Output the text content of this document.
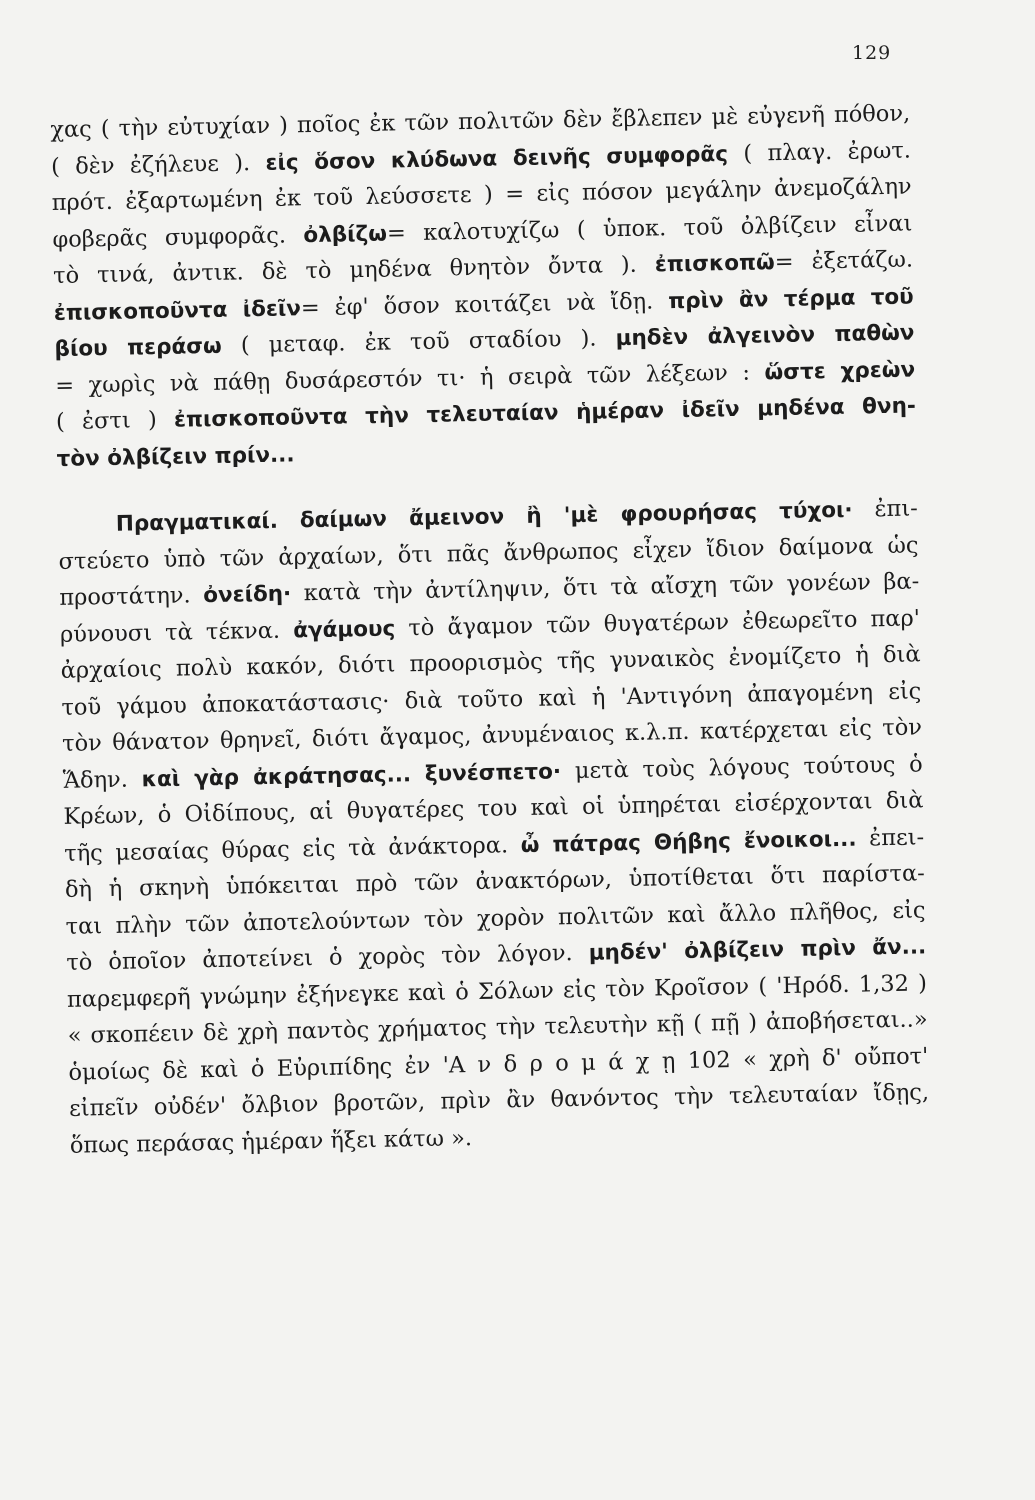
129
χας ( τὴν εὐτυχίαν ) ποῖος ἐκ τῶν πολιτῶν δὲν ἔβλεπεν μὲ εὐγενῆ πόθον,
( δὲν ἐζήλευε ). εἰς ὅσον κλύδωνα δεινῆς συμφορᾶς ( πλαγ. ἐρωτ.
πρότ. ἐξαρτωμένη ἐκ τοῦ λεύσσετε ) = εἰς πόσον μεγάλην ἀνεμοζάλην
φοβερᾶς συμφορᾶς. ὀλβίζω= καλοτυχίζω ( ὑποκ. τοῦ ὀλβίζειν εἶναι
τὸ τινά, ἀντικ. δὲ τὸ μηδένα θνητὸν ὄντα ). ἐπισκοπῶ= ἐξετάζω.
ἐπισκοποῦντα ἰδεῖν= ἐφ' ὅσον κοιτάζει νὰ ἴδῃ. πρὶν ἂν τέρμα τοῦ
βίου περάσω ( μεταφ. ἐκ τοῦ σταδίου ). μηδὲν ἀλγεινὸν παθὼν
= χωρὶς νὰ πάθῃ δυσάρεστόν τι· ἡ σειρὰ τῶν λέξεων : ὥστε χρεὼν
( ἐστι ) ἐπισκοποῦντα τὴν τελευταίαν ἡμέραν ἰδεῖν μηδένα θνη-
τὸν ὀλβίζειν πρίν...
Πραγματικαί. δαίμων ἄμεινον ἢ 'μὲ φρουρήσας τύχοι· ἐπι-
στεύετο ὑπὸ τῶν ἀρχαίων, ὅτι πᾶς ἄνθρωπος εἶχεν ἴδιον δαίμονα ὡς
προστάτην. ὀνείδη· κατὰ τὴν ἀντίληψιν, ὅτι τὰ αἴσχη τῶν γονέων βα-
ρύνουσι τὰ τέκνα. ἀγάμους τὸ ἄγαμον τῶν θυγατέρων ἐθεωρεῖτο παρ'
ἀρχαίοις πολὺ κακόν, διότι προορισμὸς τῆς γυναικὸς ἐνομίζετο ἡ διὰ
τοῦ γάμου ἀποκατάστασις· διὰ τοῦτο καὶ ἡ 'Αντιγόνη ἀπαγομένη εἰς
τὸν θάνατον θρηνεῖ, διότι ἄγαμος, ἀνυμέναιος κ.λ.π. κατέρχεται εἰς τὸν
Ἅδην. καὶ γὰρ ἀκράτησας... ξυνέσπετο· μετὰ τοὺς λόγους τούτους ὁ
Κρέων, ὁ Οἰδίπους, αἱ θυγατέρες του καὶ οἱ ὑπηρέται εἰσέρχονται διὰ
τῆς μεσαίας θύρας εἰς τὰ ἀνάκτορα. ὦ πάτρας Θήβης ἔνοικοι... ἐπει-
δὴ ἡ σκηνὴ ὑπόκειται πρὸ τῶν ἀνακτόρων, ὑποτίθεται ὅτι παρίστα-
ται πλὴν τῶν ἀποτελούντων τὸν χορὸν πολιτῶν καὶ ἄλλο πλῆθος, εἰς
τὸ ὁποῖον ἀποτείνει ὁ χορὸς τὸν λόγον. μηδέν' ὀλβίζειν πρὶν ἄν...
παρεμφερῆ γνώμην ἐξήνεγκε καὶ ὁ Σόλων εἰς τὸν Κροῖσον ( 'Ηρόδ. 1,32 )
« σκοπέειν δὲ χρὴ παντὸς χρήματος τὴν τελευτὴν κῇ ( πῇ ) ἀποβήσεται..»
ὁμοίως δὲ καὶ ὁ Εὐριπίδης ἐν 'Α ν δ ρ ο μ ά χ ῃ 102 « χρὴ δ' οὔποτ'
εἰπεῖν οὐδέν' ὄλβιον βροτῶν, πρὶν ἂν θανόντος τὴν τελευταίαν ἴδῃς,
ὅπως περάσας ἡμέραν ἥξει κάτω ».
